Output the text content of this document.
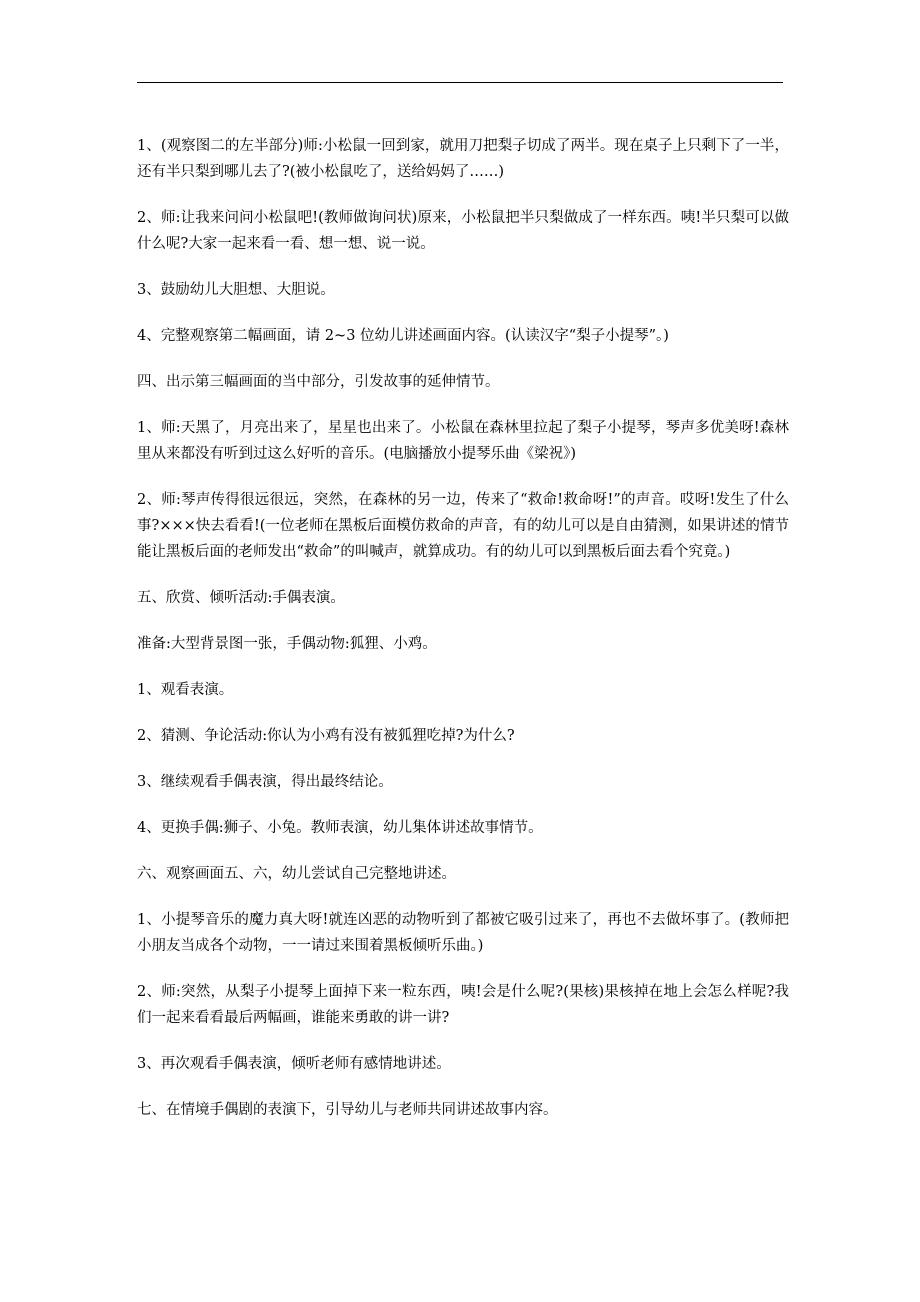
1、(观察图二的左半部分)师:小松鼠一回到家，就用刀把梨子切成了两半。现在桌子上只剩下了一半，还有半只梨到哪儿去了?(被小松鼠吃了，送给妈妈了……)

2、师:让我来问问小松鼠吧!(教师做询问状)原来，小松鼠把半只梨做成了一样东西。咦!半只梨可以做什么呢?大家一起来看一看、想一想、说一说。

3、鼓励幼儿大胆想、大胆说。

4、完整观察第二幅画面，请 2~3 位幼儿讲述画面内容。(认读汉字“梨子小提琴”。)

四、出示第三幅画面的当中部分，引发故事的延伸情节。

1、师:天黑了，月亮出来了，星星也出来了。小松鼠在森林里拉起了梨子小提琴，琴声多优美呀!森林里从来都没有听到过这么好听的音乐。(电脑播放小提琴乐曲《梁祝》)

2、师:琴声传得很远很远，突然，在森林的另一边，传来了“救命!救命呀!”的声音。哎呀!发生了什么事?×××快去看看!(一位老师在黑板后面模仿救命的声音，有的幼儿可以是自由猜测，如果讲述的情节能让黑板后面的老师发出“救命”的叫喊声，就算成功。有的幼儿可以到黑板后面去看个究竟。)

五、欣赏、倾听活动:手偶表演。

准备:大型背景图一张，手偶动物:狐狸、小鸡。

1、观看表演。

2、猜测、争论活动:你认为小鸡有没有被狐狸吃掉?为什么?

3、继续观看手偶表演，得出最终结论。

4、更换手偶:狮子、小兔。教师表演，幼儿集体讲述故事情节。

六、观察画面五、六，幼儿尝试自己完整地讲述。

1、小提琴音乐的魔力真大呀!就连凶恶的动物听到了都被它吸引过来了，再也不去做坏事了。(教师把小朋友当成各个动物，一一请过来围着黑板倾听乐曲。)

2、师:突然，从梨子小提琴上面掉下来一粒东西，咦!会是什么呢?(果核)果核掉在地上会怎么样呢?我们一起来看看最后两幅画，谁能来勇敢的讲一讲?

3、再次观看手偶表演，倾听老师有感情地讲述。

七、在情境手偶剧的表演下，引导幼儿与老师共同讲述故事内容。
